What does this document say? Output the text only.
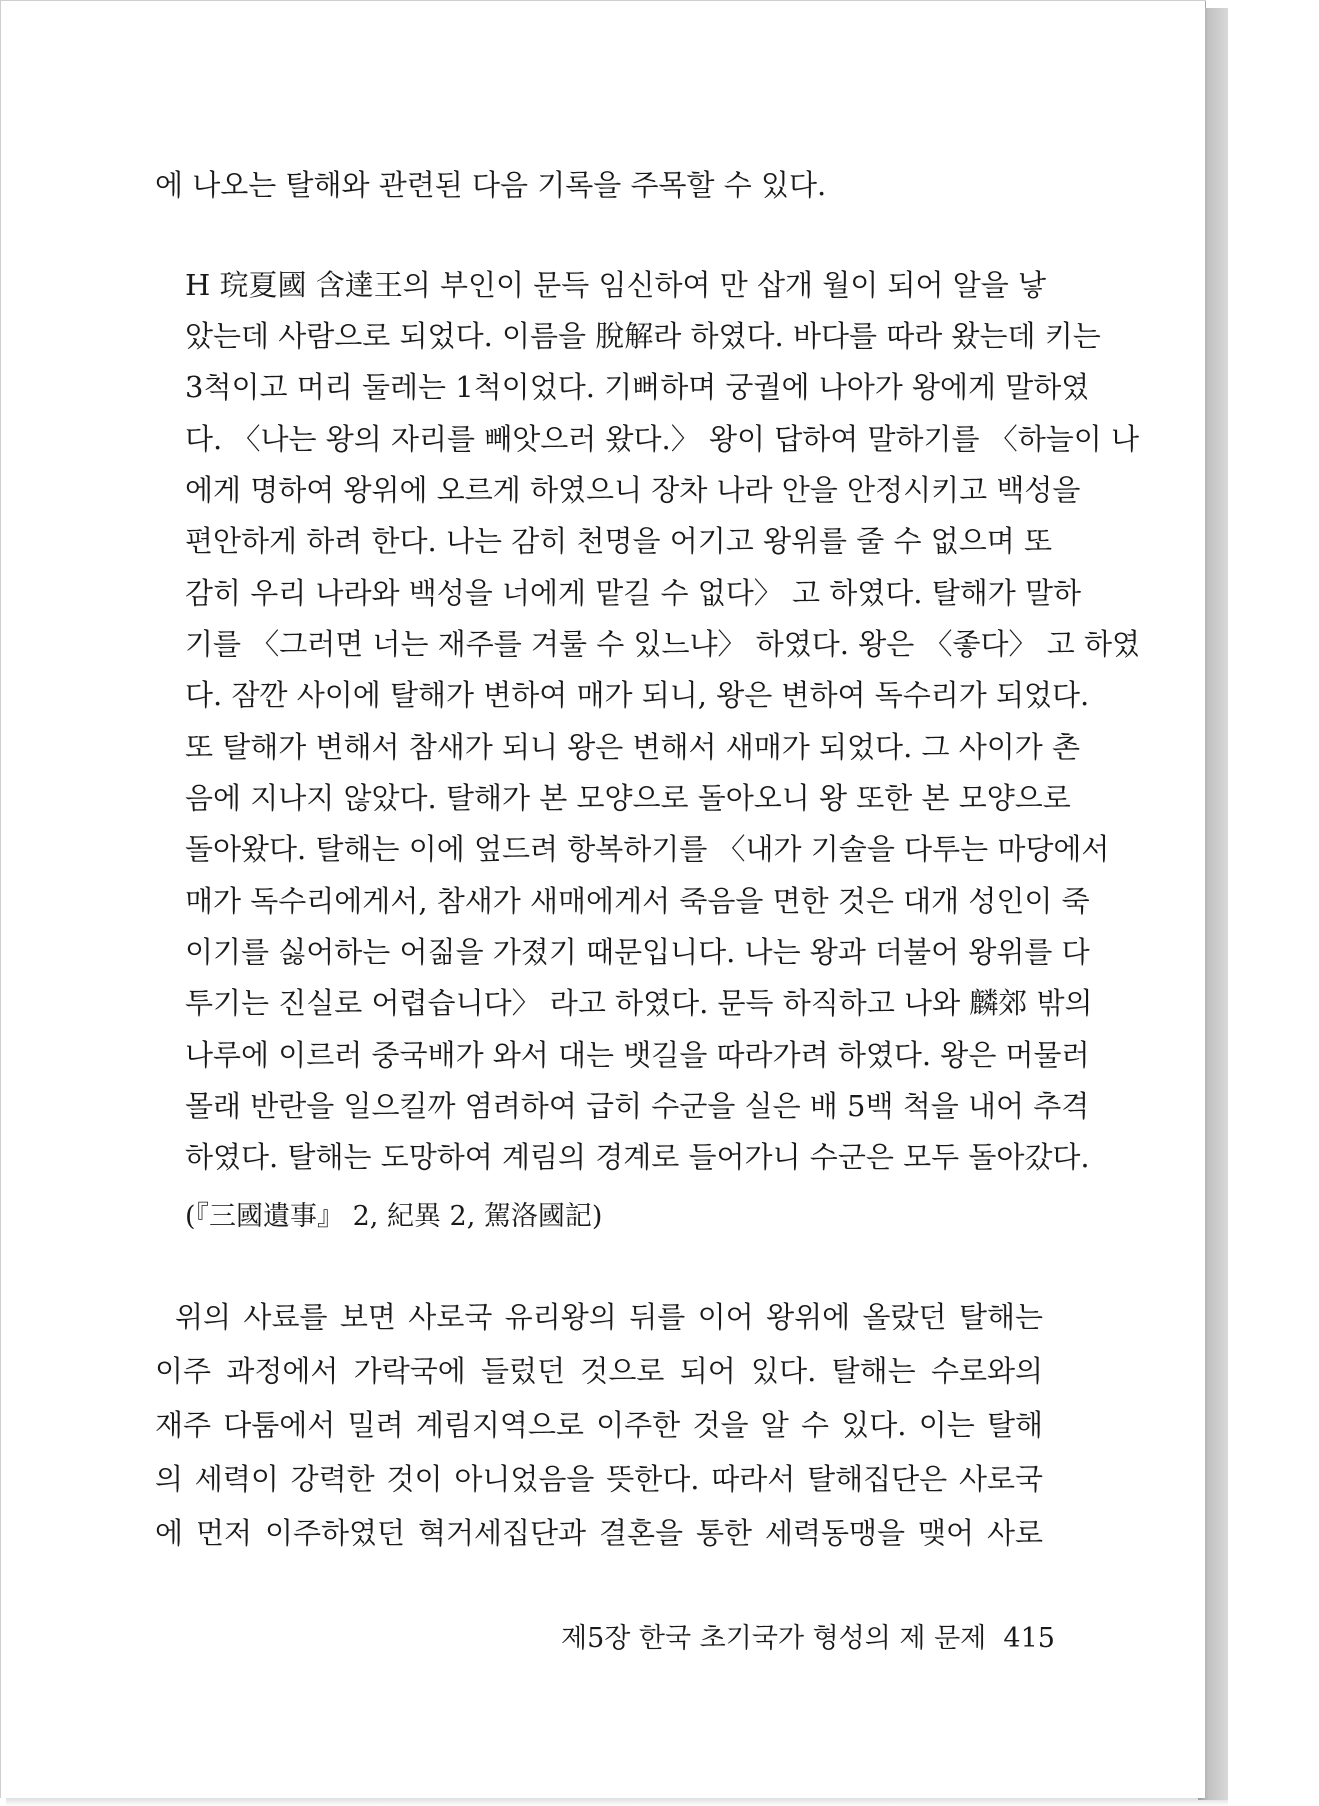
에 나오는 탈해와 관련된 다음 기록을 주목할 수 있다.
H 琓夏國 含達王의 부인이 문득 임신하여 만 삽개 월이 되어 알을 낳
았는데 사람으로 되었다. 이름을 脫解라 하였다. 바다를 따라 왔는데 키는
3척이고 머리 둘레는 1척이었다. 기뻐하며 궁궐에 나아가 왕에게 말하였
다. 〈나는 왕의 자리를 빼앗으러 왔다.〉 왕이 답하여 말하기를 〈하늘이 나
에게 명하여 왕위에 오르게 하였으니 장차 나라 안을 안정시키고 백성을
편안하게 하려 한다. 나는 감히 천명을 어기고 왕위를 줄 수 없으며 또
감히 우리 나라와 백성을 너에게 맡길 수 없다〉 고 하였다. 탈해가 말하
기를 〈그러면 너는 재주를 겨룰 수 있느냐〉 하였다. 왕은 〈좋다〉 고 하였
다. 잠깐 사이에 탈해가 변하여 매가 되니, 왕은 변하여 독수리가 되었다.
또 탈해가 변해서 참새가 되니 왕은 변해서 새매가 되었다. 그 사이가 촌
음에 지나지 않았다. 탈해가 본 모양으로 돌아오니 왕 또한 본 모양으로
돌아왔다. 탈해는 이에 엎드려 항복하기를 〈내가 기술을 다투는 마당에서
매가 독수리에게서, 참새가 새매에게서 죽음을 면한 것은 대개 성인이 죽
이기를 싫어하는 어짊을 가졌기 때문입니다. 나는 왕과 더불어 왕위를 다
투기는 진실로 어렵습니다〉 라고 하였다. 문득 하직하고 나와 麟郊 밖의
나루에 이르러 중국배가 와서 대는 뱃길을 따라가려 하였다. 왕은 머물러
몰래 반란을 일으킬까 염려하여 급히 수군을 실은 배 5백 척을 내어 추격
하였다. 탈해는 도망하여 계림의 경계로 들어가니 수군은 모두 돌아갔다.
(『三國遺事』 2, 紀異 2, 駕洛國記)
위의 사료를 보면 사로국 유리왕의 뒤를 이어 왕위에 올랐던 탈해는
이주 과정에서 가락국에 들렀던 것으로 되어 있다. 탈해는 수로와의
재주 다툼에서 밀려 계림지역으로 이주한 것을 알 수 있다. 이는 탈해
의 세력이 강력한 것이 아니었음을 뜻한다. 따라서 탈해집단은 사로국
에 먼저 이주하였던 혁거세집단과 결혼을 통한 세력동맹을 맺어 사로
제5장 한국 초기국가 형성의 제 문제 415
